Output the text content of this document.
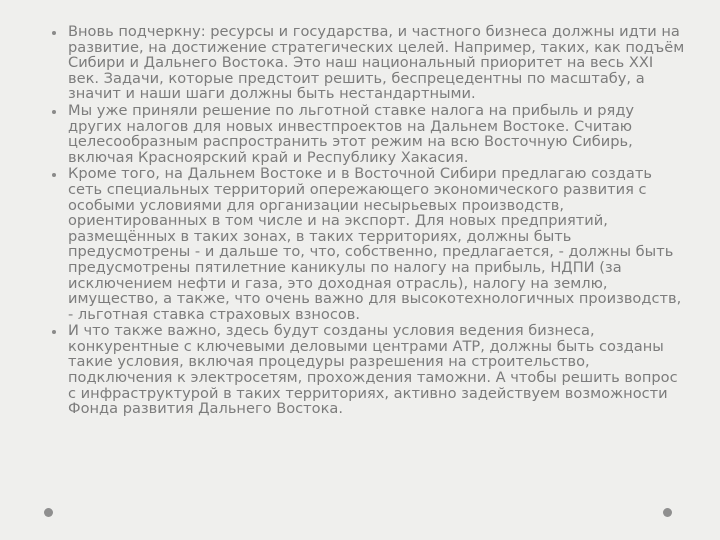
Вновь подчеркну: ресурсы и государства, и частного бизнеса должны идти на развитие, на достижение стратегических целей. Например, таких, как подъём Сибири и Дальнего Востока. Это наш национальный приоритет на весь XXI век. Задачи, которые предстоит решить, беспрецедентны по масштабу, а значит и наши шаги должны быть нестандартными.
Мы уже приняли решение по льготной ставке налога на прибыль и ряду других налогов для новых инвестпроектов на Дальнем Востоке. Считаю целесообразным распространить этот режим на всю Восточную Сибирь, включая Красноярский край и Республику Хакасия.
Кроме того, на Дальнем Востоке и в Восточной Сибири предлагаю создать сеть специальных территорий опережающего экономического развития с особыми условиями для организации несырьевых производств, ориентированных в том числе и на экспорт. Для новых предприятий, размещённых в таких зонах, в таких территориях, должны быть предусмотрены - и дальше то, что, собственно, предлагается, - должны быть предусмотрены пятилетние каникулы по налогу на прибыль, НДПИ (за исключением нефти и газа, это доходная отрасль), налогу на землю, имущество, а также, что очень важно для высокотехнологичных производств, - льготная ставка страховых взносов.
И что также важно, здесь будут созданы условия ведения бизнеса, конкурентные с ключевыми деловыми центрами АТР, должны быть созданы такие условия, включая процедуры разрешения на строительство, подключения к электросетям, прохождения таможни. А чтобы решить вопрос с инфраструктурой в таких территориях, активно задействуем возможности Фонда развития Дальнего Востока.
